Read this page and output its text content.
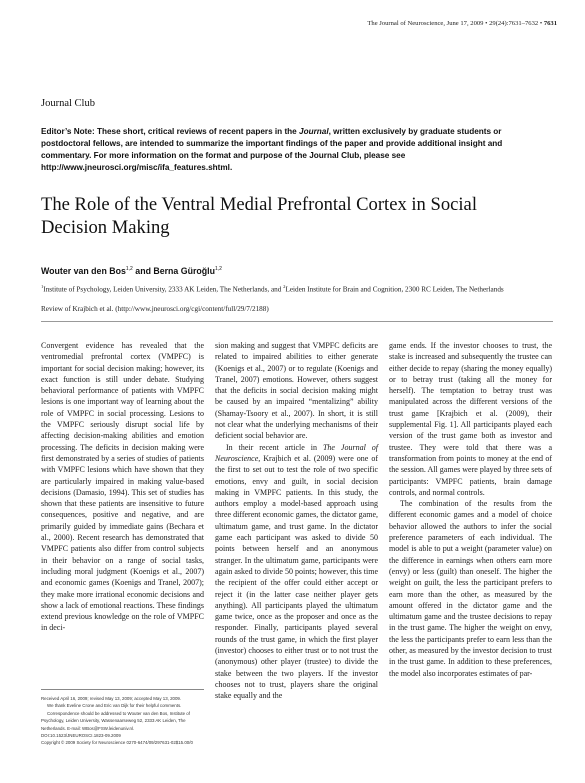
The Journal of Neuroscience, June 17, 2009 • 29(24):7631–7632 • 7631
Journal Club
Editor’s Note: These short, critical reviews of recent papers in the Journal, written exclusively by graduate students or postdoctoral fellows, are intended to summarize the important findings of the paper and provide additional insight and commentary. For more information on the format and purpose of the Journal Club, please see http://www.jneurosci.org/misc/ifa_features.shtml.
The Role of the Ventral Medial Prefrontal Cortex in Social Decision Making
Wouter van den Bos$^{1,2}$ and Berna Güroğlu$^{1,2}$
$^1$Institute of Psychology, Leiden University, 2333 AK Leiden, The Netherlands, and $^2$Leiden Institute for Brain and Cognition, 2300 RC Leiden, The Netherlands
Review of Krajbich et al. (http://www.jneurosci.org/cgi/content/full/29/7/2188)

Convergent evidence has revealed that the ventromedial prefrontal cortex (VMPFC) is important for social decision making; however, its exact function is still under debate. Studying behavioral performance of patients with VMPFC lesions is one important way of learning about the role of VMPFC in social processing. Lesions to the VMPFC seriously disrupt social life by affecting decision-making abilities and emotion processing. The deficits in decision making were first demonstrated by a series of studies of patients with VMPFC lesions which have shown that they are particularly impaired in making value-based decisions (Damasio, 1994). This set of studies has shown that these patients are insensitive to future consequences, positive and negative, and are primarily guided by immediate gains (Bechara et al., 2000). Recent research has demonstrated that VMPFC patients also differ from control subjects in their behavior on a range of social tasks, including moral judgment (Koenigs et al., 2007) and economic games (Koenigs and Tranel, 2007); they make more irrational economic decisions and show a lack of emotional reactions. These findings extend previous knowledge on the role of VMPFC in deci-

sion making and suggest that VMPFC deficits are related to impaired abilities to either generate (Koenigs et al., 2007) or to regulate (Koenigs and Tranel, 2007) emotions. However, others suggest that the deficits in social decision making might be caused by an impaired “mentalizing” ability (Shamay-Tsoory et al., 2007). In short, it is still not clear what the underlying mechanisms of their deficient social behavior are.

In their recent article in The Journal of Neuroscience, Krajbich et al. (2009) were one of the first to set out to test the role of two specific emotions, envy and guilt, in social decision making in VMPFC patients. In this study, the authors employ a model-based approach using three different economic games, the dictator game, ultimatum game, and trust game. In the dictator game each participant was asked to divide 50 points between herself and an anonymous stranger. In the ultimatum game, participants were again asked to divide 50 points; however, this time the recipient of the offer could either accept or reject it (in the latter case neither player gets anything). All participants played the ultimatum game twice, once as the proposer and once as the responder. Finally, participants played several rounds of the trust game, in which the first player (investor) chooses to either trust or to not trust the (anonymous) other player (trustee) to divide the stake between the two players. If the investor chooses not to trust, players share the original stake equally and the

game ends. If the investor chooses to trust, the stake is increased and subsequently the trustee can either decide to repay (sharing the money equally) or to betray trust (taking all the money for herself). The temptation to betray trust was manipulated across the different versions of the trust game [Krajbich et al. (2009), their supplemental Fig. 1]. All participants played each version of the trust game both as investor and trustee. They were told that there was a transformation from points to money at the end of the session. All games were played by three sets of participants: VMPFC patients, brain damage controls, and normal controls.

The combination of the results from the different economic games and a model of choice behavior allowed the authors to infer the social preference parameters of each individual. The model is able to put a weight (parameter value) on the difference in earnings when others earn more (envy) or less (guilt) than oneself. The higher the weight on guilt, the less the participant prefers to earn more than the other, as measured by the amount offered in the dictator game and the ultimatum game and the trustee decisions to repay in the trust game. The higher the weight on envy, the less the participants prefer to earn less than the other, as measured by the investor decision to trust in the trust game. In addition to these preferences, the model also incorporates estimates of par-

Received April 16, 2009; revised May 13, 2009; accepted May 13, 2009.

We thank Eveline Crone and Eric van Dijk for their helpful comments.

Correspondence should be addressed to Wouter van den Bos, Institute of Psychology, Leiden University, Wassenaarseweg 52, 2333 AK Leiden, The Netherlands. E-mail: WBos@FSW.leidenuniv.nl.

DOI:10.1523/JNEUROSCI.1823-09.2009

Copyright © 2009 Society for Neuroscience 0270-6474/09/297631-02$15.00/0
